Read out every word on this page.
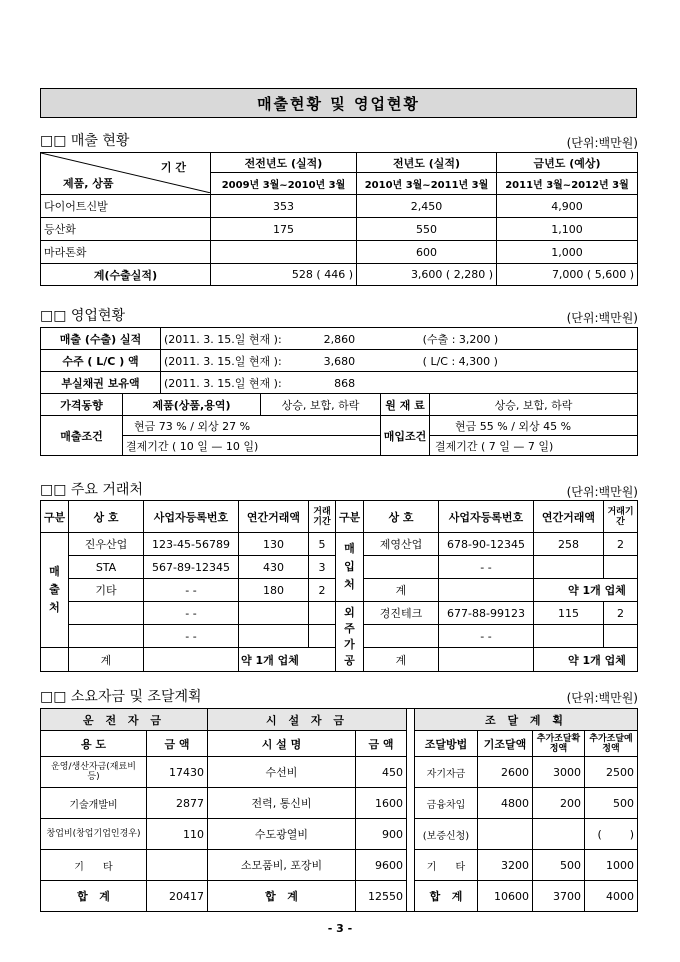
매출현황 및 영업현황
□□ 매출 현황	(단위:백만원)
기 간
제품, 상품	전전년도 (실적)	전년도 (실적)	금년도 (예상)
	2009년 3월~2010년 3월	2010년 3월~2011년 3월	2011년 3월~2012년 3월
다이어트신발	353	2,450	4,900
등산화	175	550	1,100
마라톤화		600	1,000
계(수출실적)	528 ( 446 )	3,600 ( 2,280 )	7,000 ( 5,600 )
□□ 영업현황	(단위:백만원)
매출 (수출) 실적		(2011. 3. 15.일 현재 ): 2,860 (수출 : 3,200 )			
수주 ( L/C ) 액		(2011. 3. 15.일 현재 ): 3,680 ( L/C : 4,300 )			
부실채권 보유액		(2011. 3. 15.일 현재 ): 868			
가격동향	제품(상품,용역)		상승, 보합, 하락	원 재 료	상승, 보합, 하락
매출조건	현금 73 % / 외상 27 %			매입조건	현금 55 % / 외상 45 %
	결제기간 ( 10 일 — 10 일)				결제기간 ( 7 일 — 7 일)
□□ 주요 거래처	(단위:백만원)
구분	상 호	사업자등록번호	연간거래액	거래기간	구분	상 호	사업자등록번호	연간거래액	거래기간
매출처	진우산업	123-45-56789	130	5	매입처	제영산업	678-90-12345	258	2
	STA	567-89-12345	430	3			- -		
	기타	- -	180	2		계		약 1개 업체	
		- -			외주가공	경진테크	677-88-99123	115	2
		- -					- -		
	계		약 1개 업체			계		약 1개 업체	
□□ 소요자금 및 조달계획	(단위:백만원)
운 전 자 금		시 설 자 금			조 달 계 획			
용 도	금 액	시 설 명	금 액		조달방법	기조달액	추가조달확정액	추가조달예정액
운영/생산자금(재료비 등)	17430	수선비	450		자기자금	2600	3000	2500
기술개발비	2877	전력, 통신비	1600		금융차입	4800	200	500
창업비(창업기업인경우)	110	수도광열비	900		(보증신청)			(        )
기      타		소모품비, 포장비	9600		기      타	3200	500	1000
합   계	20417	합   계	12550		합   계	10600	3700	4000
- 3 -
